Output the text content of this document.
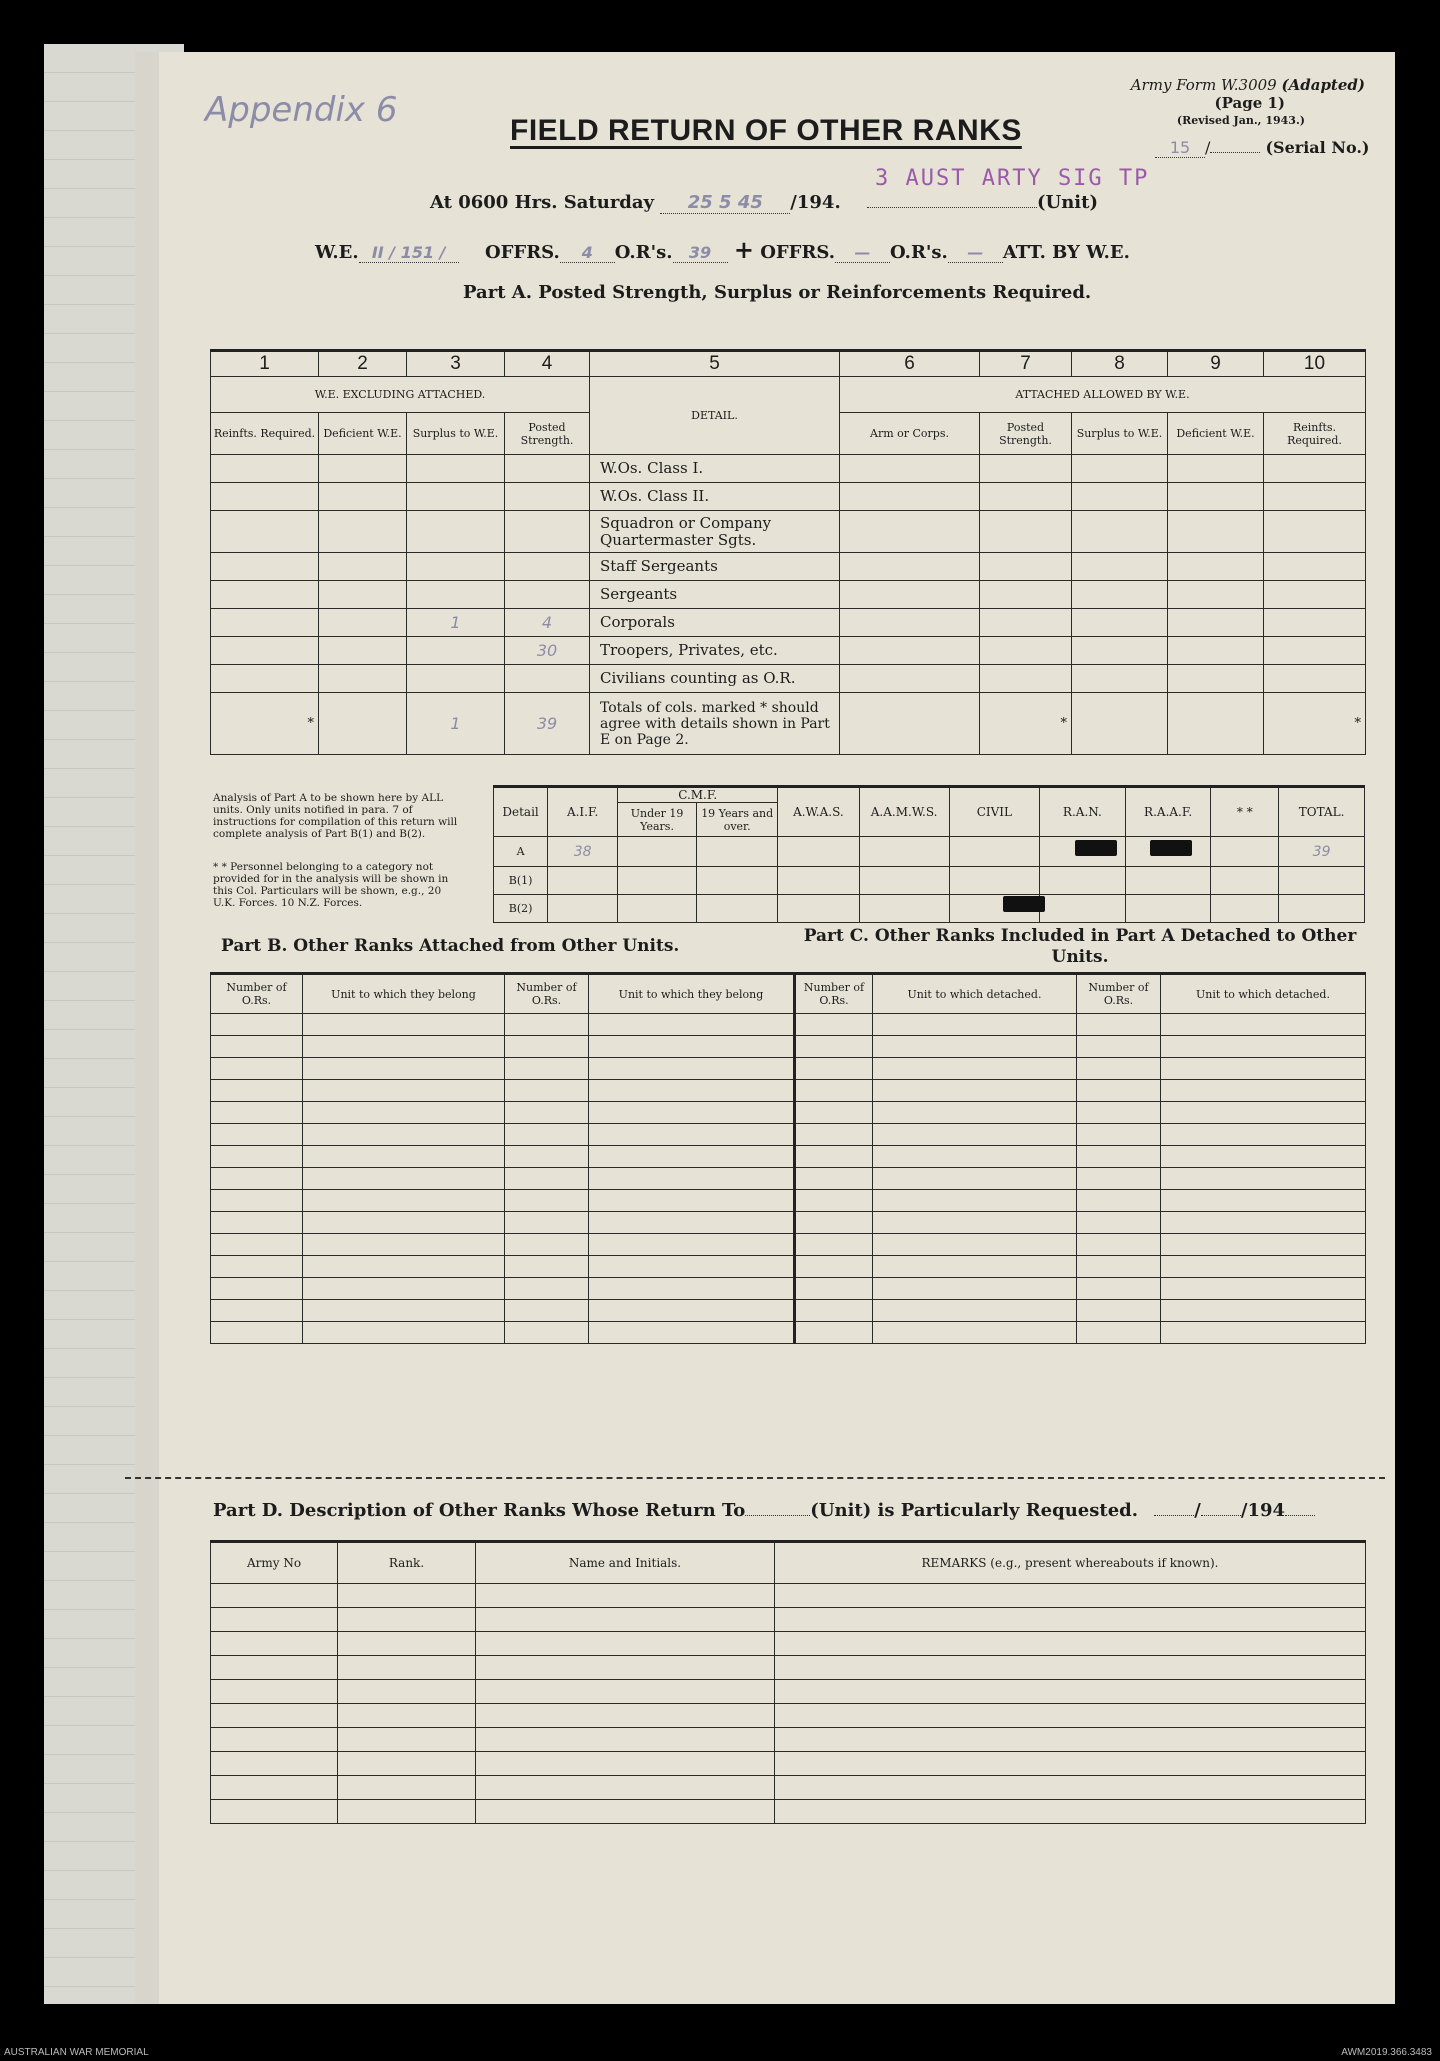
Appendix 6
Army Form W.3009 (Adapted)
(Page 1)
(Revised Jan., 1943.)
15 /	(Serial No.)
FIELD RETURN OF OTHER RANKS
3 AUST ARTY SIG TP
At 0600 Hrs. Saturday 25 5 45 /194.	(Unit)
W.E. II / 151 / OFFRS. 4 O.R's. 39 + OFFRS. — O.R's. — ATT. BY W.E.
Part A. Posted Strength, Surplus or Reinforcements Required.
1	2	3	4	5	6	7	8	9	10
W.E. EXCLUDING ATTACHED.				DETAIL.	ATTACHED ALLOWED BY W.E.				
Reinfts. Required.	Deficient W.E.	Surplus to W.E.	Posted Strength.		Arm or Corps.	Posted Strength.	Surplus to W.E.	Deficient W.E.	Reinfts. Required.
				W.Os. Class I.					
				W.Os. Class II.					
				Squadron or Company Quartermaster Sgts.					
				Staff Sergeants					
				Sergeants					
		1	4	Corporals					
			30	Troopers, Privates, etc.					
				Civilians counting as O.R.					
*		1	39	Totals of cols. marked * should agree with details shown in Part E on Page 2.		*			*
Analysis of Part A to be shown here by ALL units. Only units notified in para. 7 of instructions for compilation of this return will complete analysis of Part B(1) and B(2).
* * Personnel belonging to a category not provided for in the analysis will be shown in this Col. Particulars will be shown, e.g., 20 U.K. Forces. 10 N.Z. Forces.
Detail	A.I.F.	C.M.F.		A.W.A.S.	A.A.M.W.S.	CIVIL	R.A.N.	R.A.A.F.	* *	TOTAL.
		Under 19 Years.	19 Years and over.							
A	38									39
B(1)										
B(2)										
Part B. Other Ranks Attached from Other Units.	Part C. Other Ranks Included in Part A Detached to Other Units.
Number of O.Rs.	Unit to which they belong	Number of O.Rs.	Unit to which they belong	Number of O.Rs.	Unit to which detached.	Number of O.Rs.	Unit to which detached.

Part D. Description of Other Ranks Whose Return To	(Unit) is Particularly Requested.	/ /194
Army No	Rank.	Name and Initials.	REMARKS (e.g., present whereabouts if known).

AUSTRALIAN WAR MEMORIAL	AWM2019.366.3483
